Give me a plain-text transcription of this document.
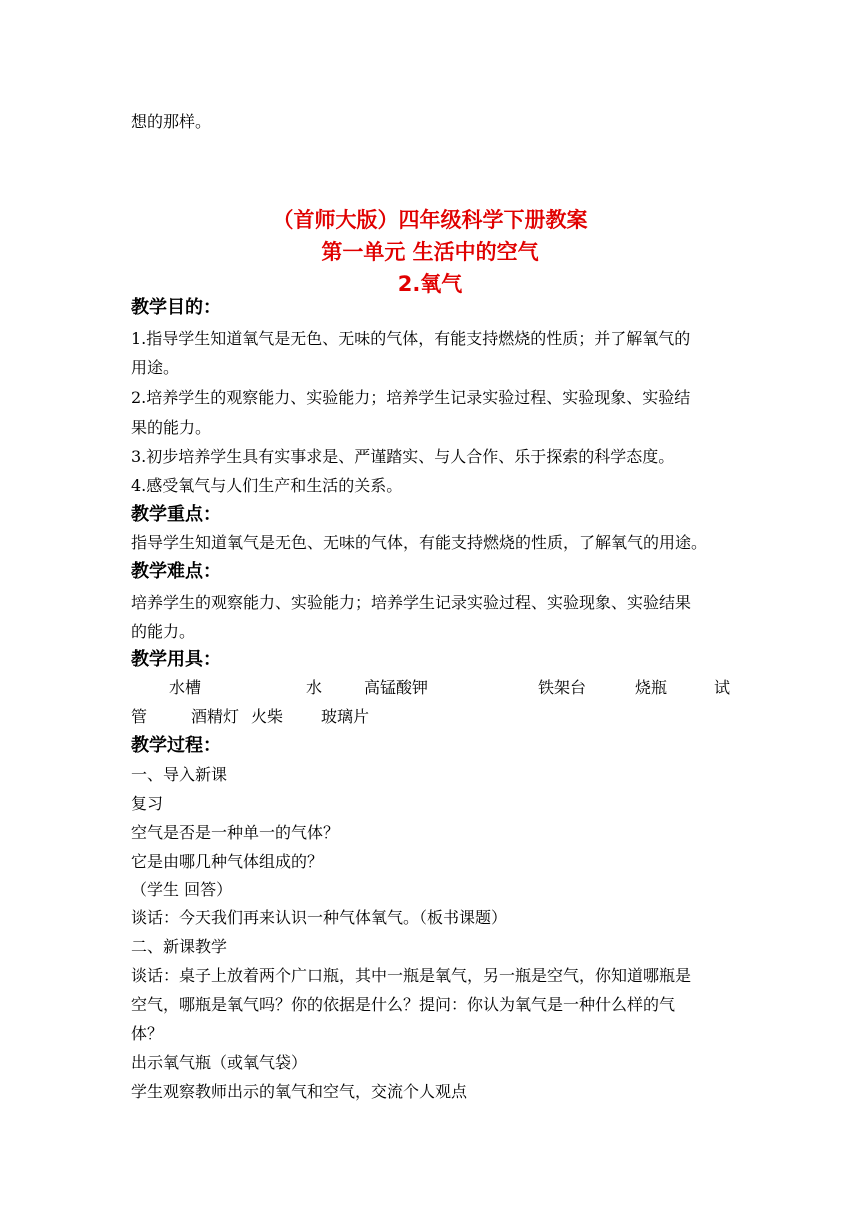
想的那样。
（首师大版）四年级科学下册教案
第一单元 生活中的空气
2.氧气
教学目的：
1.指导学生知道氧气是无色、无味的气体，有能支持燃烧的性质；并了解氧气的
用途。
2.培养学生的观察能力、实验能力；培养学生记录实验过程、实验现象、实验结
果的能力。
3.初步培养学生具有实事求是、严谨踏实、与人合作、乐于探索的科学态度。
4.感受氧气与人们生产和生活的关系。
教学重点：
指导学生知道氧气是无色、无味的气体，有能支持燃烧的性质，了解氧气的用途。
教学难点：
培养学生的观察能力、实验能力；培养学生记录实验过程、实验现象、实验结果
的能力。
教学用具：
水槽	水	高锰酸钾	铁架台	烧瓶	试
管	酒精灯 火柴 玻璃片
教学过程：
一、导入新课
复习
空气是否是一种单一的气体？
它是由哪几种气体组成的？
（学生 回答）
谈话：今天我们再来认识一种气体氧气。（板书课题）
二、新课教学
谈话：桌子上放着两个广口瓶，其中一瓶是氧气，另一瓶是空气，你知道哪瓶是
空气，哪瓶是氧气吗？你的依据是什么？提问：你认为氧气是一种什么样的气
体？
出示氧气瓶（或氧气袋）
学生观察教师出示的氧气和空气，交流个人观点
